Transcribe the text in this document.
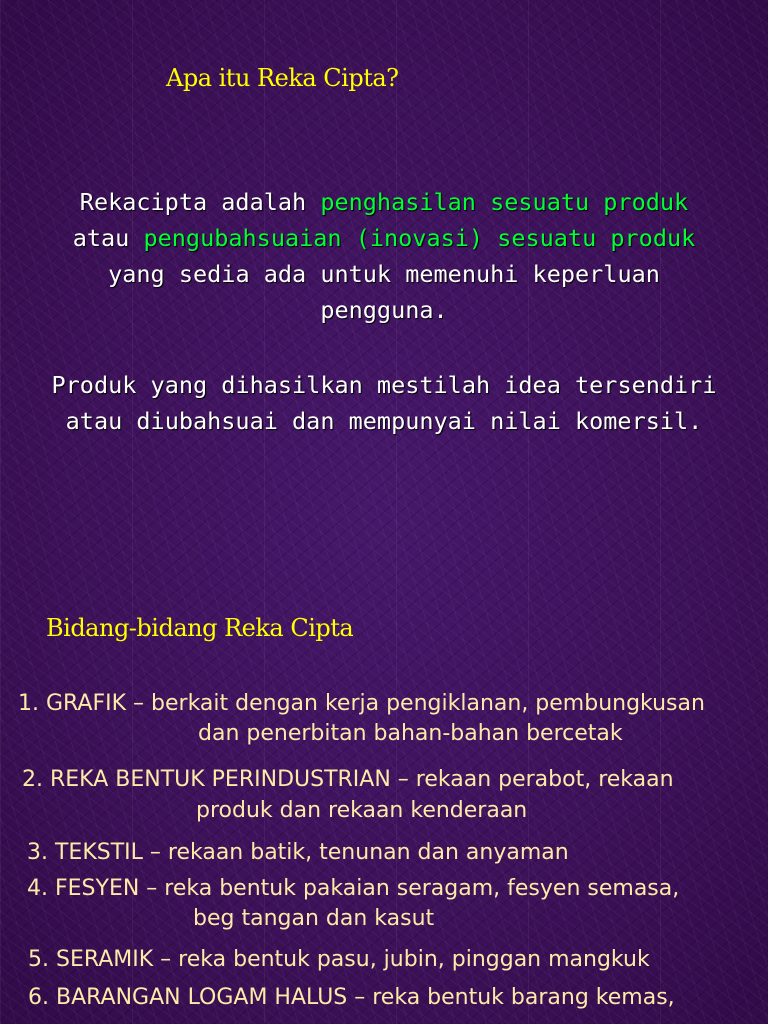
Apa itu Reka Cipta?
Rekacipta adalah penghasilan sesuatu produk
atau pengubahsuaian (inovasi) sesuatu produk
yang sedia ada untuk memenuhi keperluan
pengguna.
Produk yang dihasilkan mestilah idea tersendiri
atau diubahsuai dan mempunyai nilai komersil.
Bidang-bidang Reka Cipta
1. GRAFIK – berkait dengan kerja pengiklanan, pembungkusan
dan penerbitan bahan-bahan bercetak
2. REKA BENTUK PERINDUSTRIAN – rekaan perabot, rekaan
produk dan rekaan kenderaan
3. TEKSTIL – rekaan batik, tenunan dan anyaman
4. FESYEN – reka bentuk pakaian seragam, fesyen semasa,
beg tangan dan kasut
5. SERAMIK – reka bentuk pasu, jubin, pinggan mangkuk
6. BARANGAN LOGAM HALUS – reka bentuk barang kemas,
